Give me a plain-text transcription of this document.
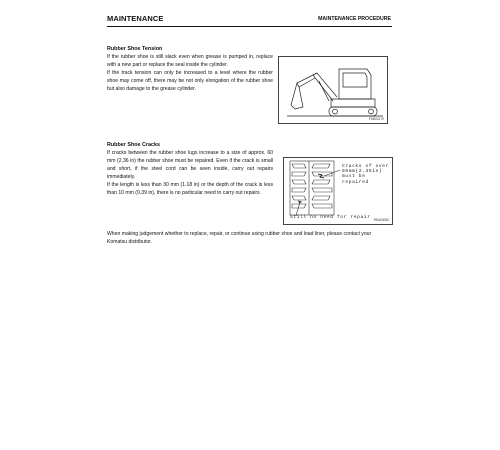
MAINTENANCE	MAINTENANCE PROCEDURE
Rubber Shoe Tension

If the rubber shoe is still slack even when grease is pumped in, replace with a new part or replace the seal inside the cylinder.

If the track tension can only be increased to a level where the rubber shoe may come off, there may be not only elongation of the rubber shoe but also damage to the grease cylinder.

FUB03170
Rubber Shoe Cracks

If cracks between the rubber shoe lugs increase to a size of approx. 60 mm (2.36 in) the rubber shoe must be repaired. Even if the crack is small and short, if the steel cord can be seen inside, carry out repairs immediately.

If the length is less than 30 mm (1.18 in) or the depth of the crack is less than 10 mm (0.39 in), there is no particular need to carry out repairs.

Cracks of over
60mm(2.36in)
must be
repaired
Still no need for repair RKA03050
When making judgement whether to replace, repair, or continue using rubber shoe and load liner, please contact your Komatsu distributor.
